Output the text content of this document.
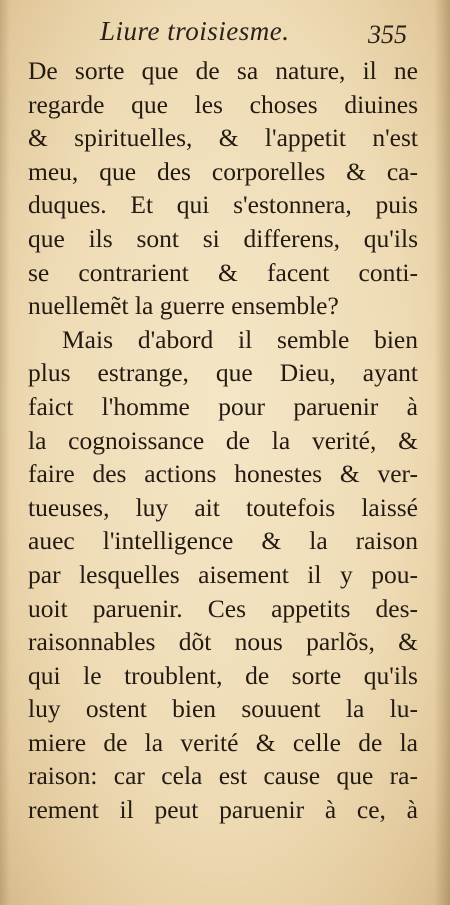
Liure troisiesme.	355
De sorte que de sa nature, il ne
regarde que les choses diuines
& spirituelles, & l'appetit n'est
meu, que des corporelles & ca-
duques. Et qui s'estonnera, puis
que ils sont si differens, qu'ils
se contrarient & facent conti-
nuellemẽt la guerre ensemble?
Mais d'abord il semble bien
plus estrange, que Dieu, ayant
faict l'homme pour paruenir à
la cognoissance de la verité, &
faire des actions honestes & ver-
tueuses, luy ait toutefois laissé
auec l'intelligence & la raison
par lesquelles aisement il y pou-
uoit paruenir. Ces appetits des-
raisonnables dõt nous parlõs, &
qui le troublent, de sorte qu'ils
luy ostent bien souuent la lu-
miere de la verité & celle de la
raison: car cela est cause que ra-
rement il peut paruenir à ce, à
